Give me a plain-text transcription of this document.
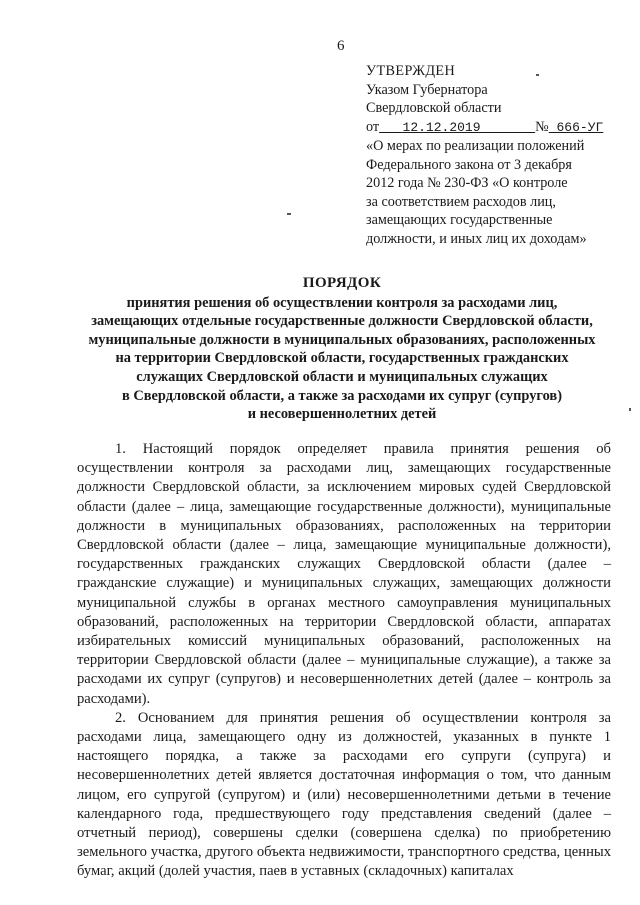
6
УТВЕРЖДЕН
Указом Губернатора
Свердловской области
от 12.12.2019	№ 666-УГ
«О мерах по реализации положений
Федерального закона от 3 декабря
2012 года № 230-ФЗ «О контроле
за соответствием расходов лиц,
замещающих государственные
должности, и иных лиц их доходам»
ПОРЯДОК
принятия решения об осуществлении контроля за расходами лиц,
замещающих отдельные государственные должности Свердловской области,
муниципальные должности в муниципальных образованиях, расположенных
на территории Свердловской области, государственных гражданских
служащих Свердловской области и муниципальных служащих
в Свердловской области, а также за расходами их супруг (супругов)
и несовершеннолетних детей

1. Настоящий порядок определяет правила принятия решения об осуществлении контроля за расходами лиц, замещающих государственные должности Свердловской области, за исключением мировых судей Свердловской области (далее – лица, замещающие государственные должности), муниципальные должности в муниципальных образованиях, расположенных на территории Свердловской области (далее – лица, замещающие муниципальные должности), государственных гражданских служащих Свердловской области (далее – гражданские служащие) и муниципальных служащих, замещающих должности муниципальной службы в органах местного самоуправления муниципальных образований, расположенных на территории Свердловской области, аппаратах избирательных комиссий муниципальных образований, расположенных на территории Свердловской области (далее – муниципальные служащие), а также за расходами их супруг (супругов) и несовершеннолетних детей (далее – контроль за расходами).

2. Основанием для принятия решения об осуществлении контроля за расходами лица, замещающего одну из должностей, указанных в пункте 1 настоящего порядка, а также за расходами его супруги (супруга) и несовершеннолетних детей является достаточная информация о том, что данным лицом, его супругой (супругом) и (или) несовершеннолетними детьми в течение календарного года, предшествующего году представления сведений (далее – отчетный период), совершены сделки (совершена сделка) по приобретению земельного участка, другого объекта недвижимости, транспортного средства, ценных бумаг, акций (долей участия, паев в уставных (складочных) капиталах
